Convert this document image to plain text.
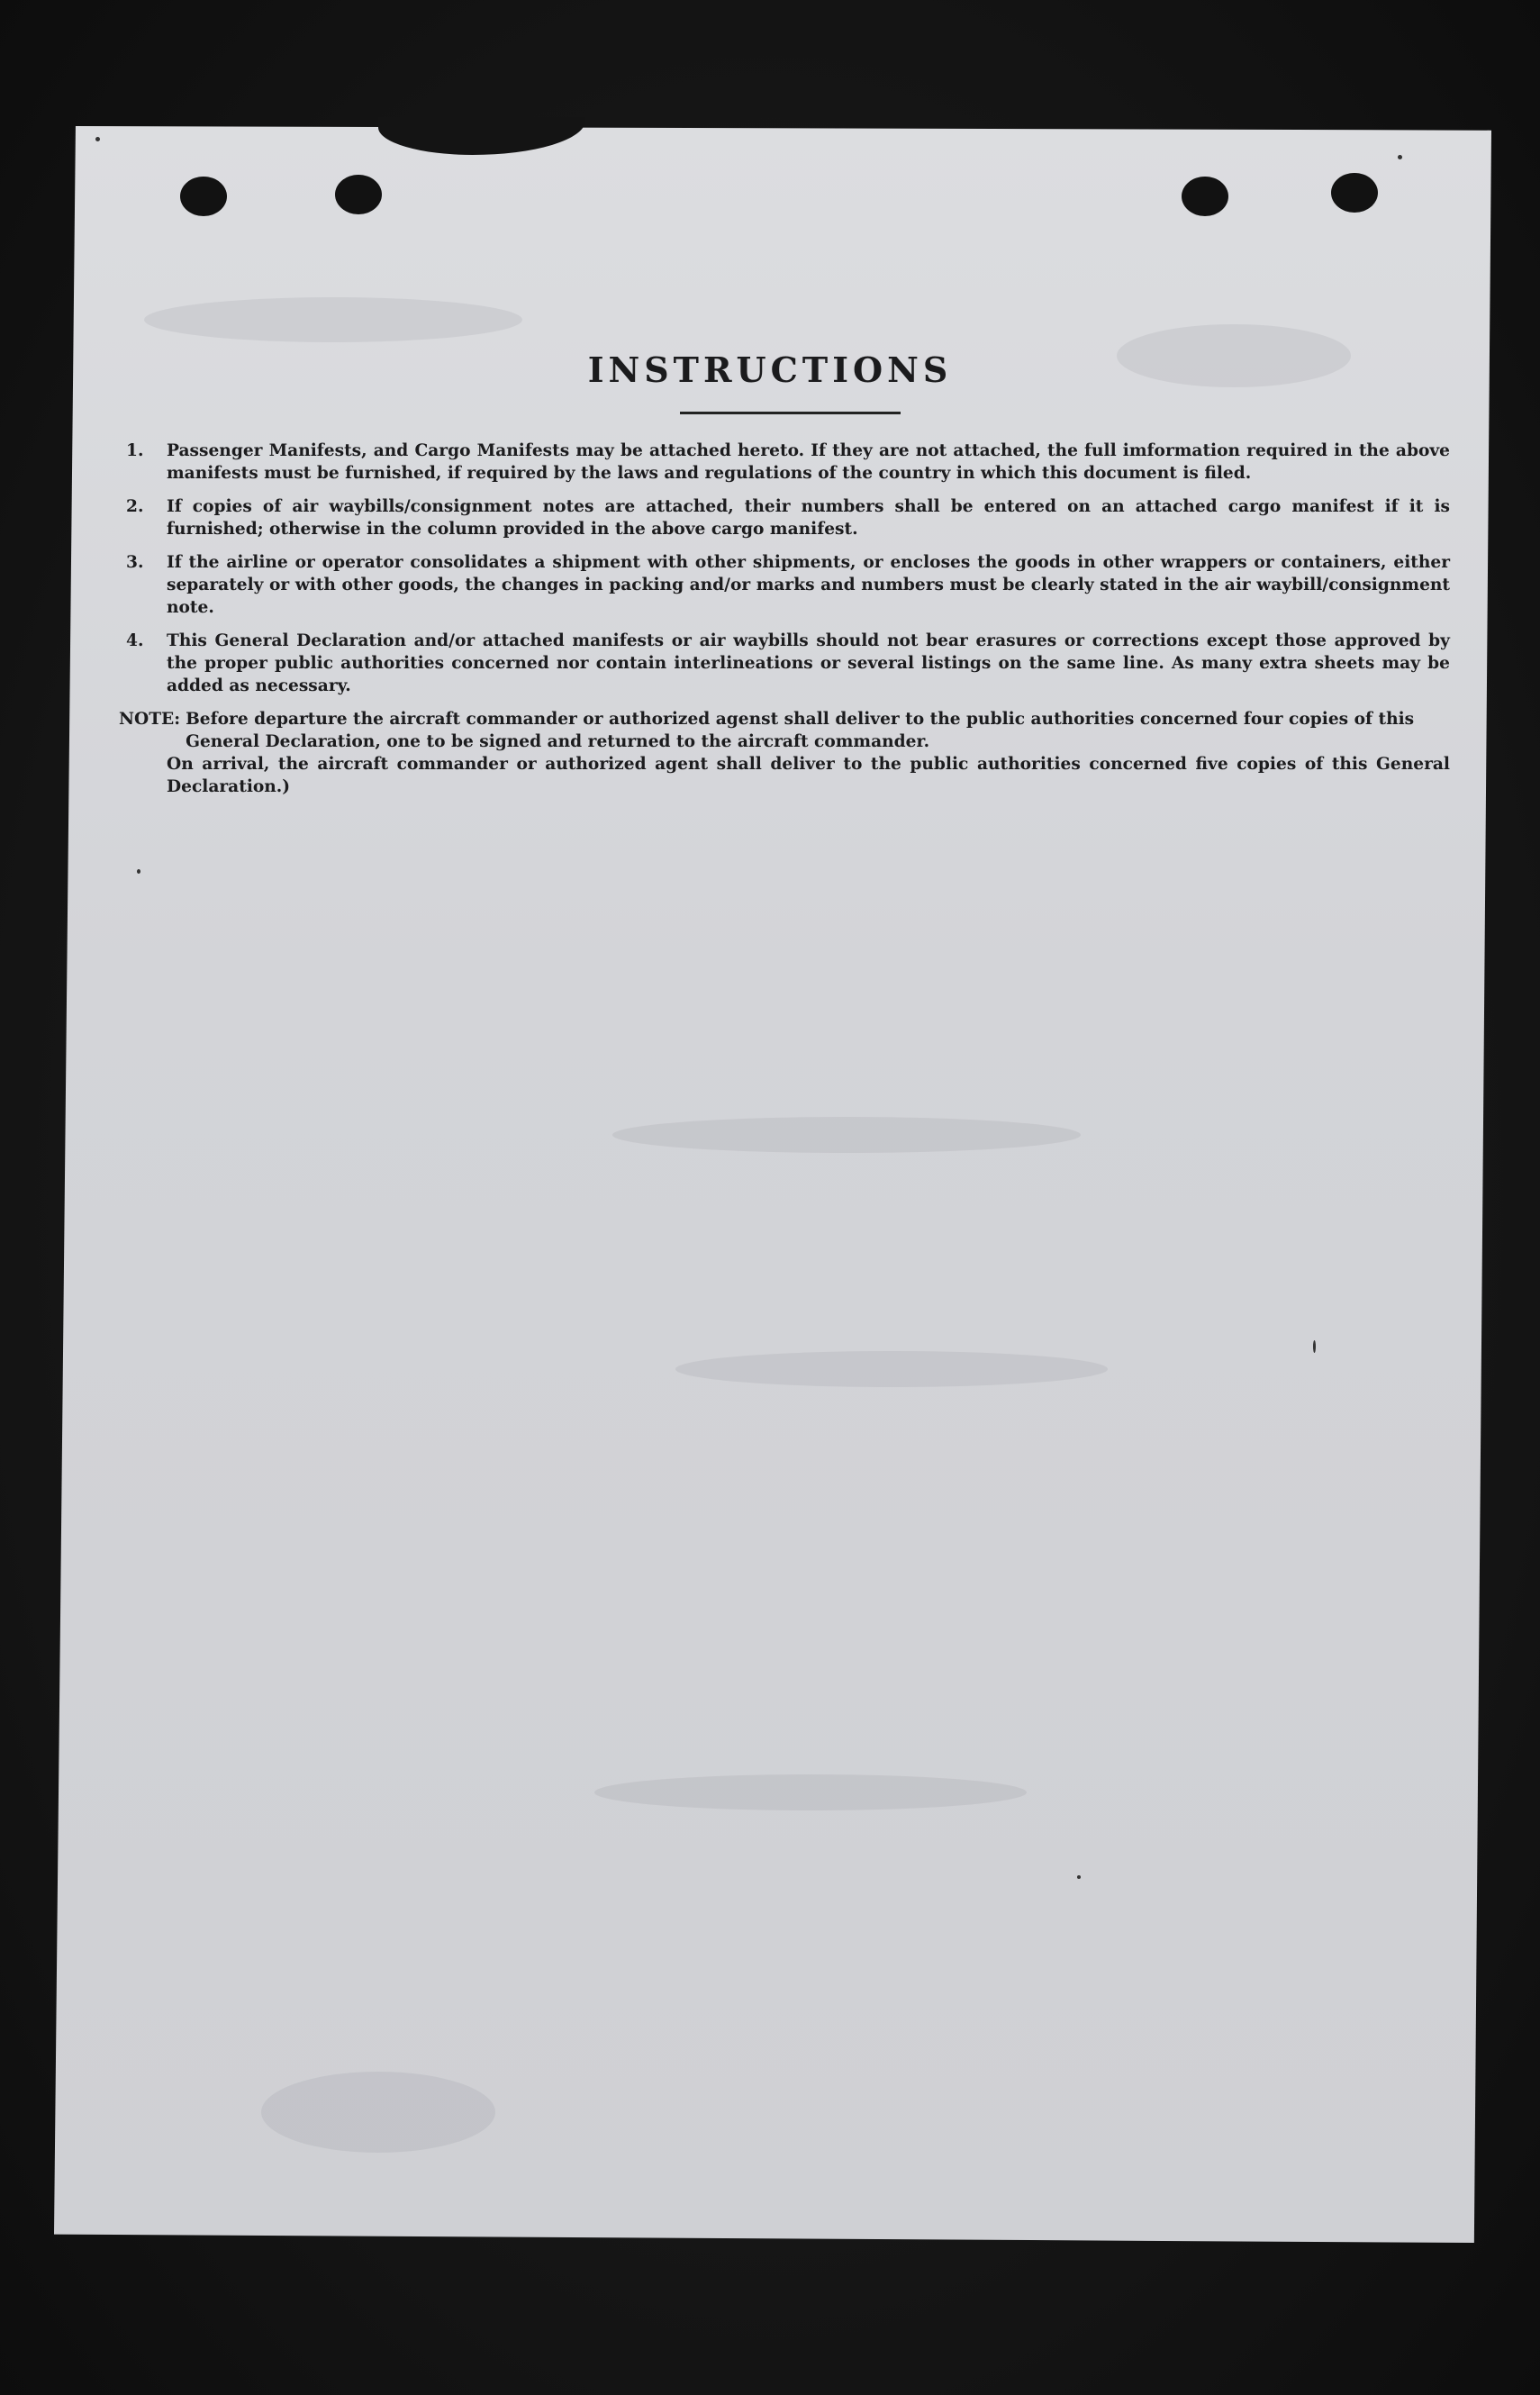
INSTRUCTIONS
1.	Passenger Manifests, and Cargo Manifests may be attached hereto. If they are not attached, the full imformation required in the above manifests must be furnished, if required by the laws and regulations of the country in which this document is filed.
2.	If copies of air waybills/consignment notes are attached, their numbers shall be entered on an attached cargo manifest if it is furnished; otherwise in the column provided in the above cargo manifest.
3.	If the airline or operator consolidates a shipment with other shipments, or encloses the goods in other wrappers or containers, either separately or with other goods, the changes in packing and/or marks and numbers must be clearly stated in the air waybill/consignment note.
4.	This General Declaration and/or attached manifests or air waybills should not bear erasures or corrections except those approved by the proper public authorities concerned nor contain interlineations or several listings on the same line. As many extra sheets may be added as necessary.
NOTE: Before departure the aircraft commander or authorized agenst shall deliver to the public authorities concerned four copies of this General Declaration, one to be signed and returned to the aircraft commander.
On arrival, the aircraft commander or authorized agent shall deliver to the public authorities concerned five copies of this General Declaration.)
